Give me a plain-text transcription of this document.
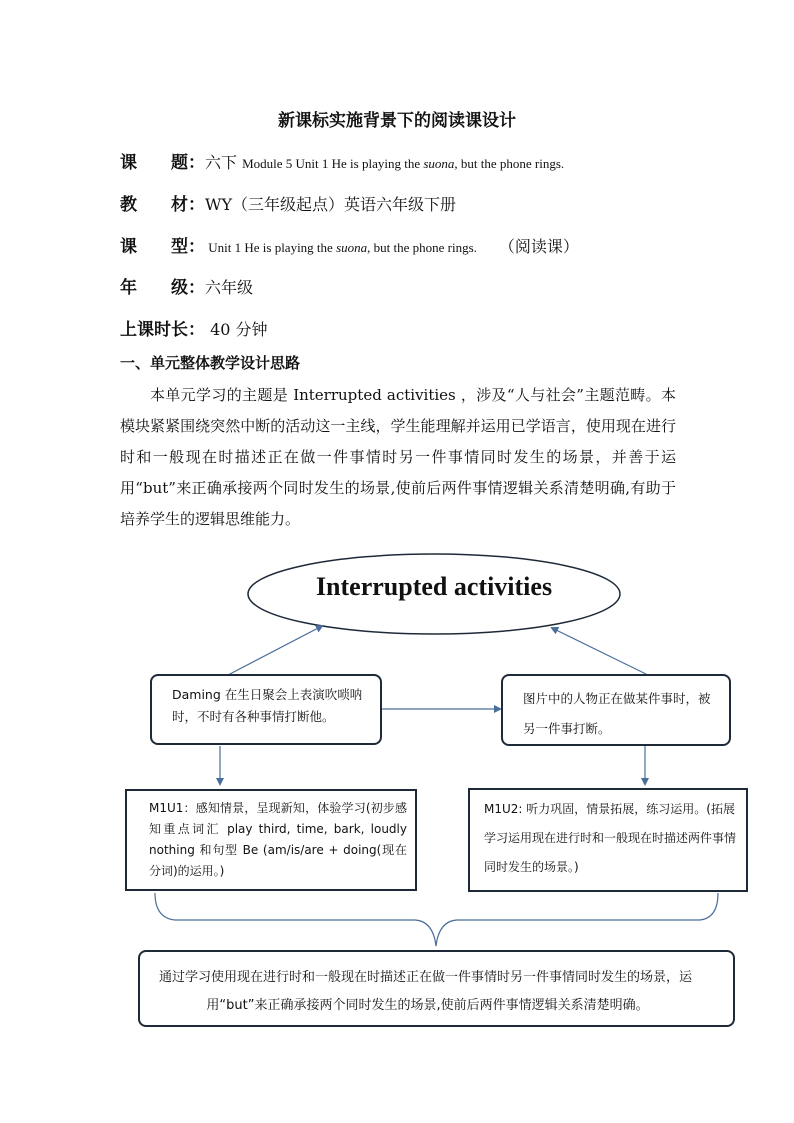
新课标实施背景下的阅读课设计
课　　题：六下 Module 5 Unit 1 He is playing the suona, but the phone rings.
教　　材：WY（三年级起点）英语六年级下册
课　　型： Unit 1 He is playing the suona, but the phone rings. （阅读课）
年　　级：六年级
上课时长： 40 分钟
一、单元整体教学设计思路

本单元学习的主题是 Interrupted activities ，涉及“人与社会”主题范畴。本模块紧紧围绕突然中断的活动这一主线，学生能理解并运用已学语言，使用现在进行时和一般现在时描述正在做一件事情时另一件事情同时发生的场景，并善于运用“but”来正确承接两个同时发生的场景,使前后两件事情逻辑关系清楚明确,有助于培养学生的逻辑思维能力。

Interrupted activities
Daming 在生日聚会上表演吹唢呐时，不时有各种事情打断他。
图片中的人物正在做某件事时，被另一件事打断。
M1U1：感知情景，呈现新知，体验学习(初步感知重点词汇 play third, time, bark, loudly nothing 和句型 Be (am/is/are + doing(现在分词)的运用。)
M1U2: 听力巩固，情景拓展，练习运用。(拓展学习运用现在进行时和一般现在时描述两件事情同时发生的场景。)
通过学习使用现在进行时和一般现在时描述正在做一件事情时另一件事情同时发生的场景，运用“but”来正确承接两个同时发生的场景,使前后两件事情逻辑关系清楚明确。
